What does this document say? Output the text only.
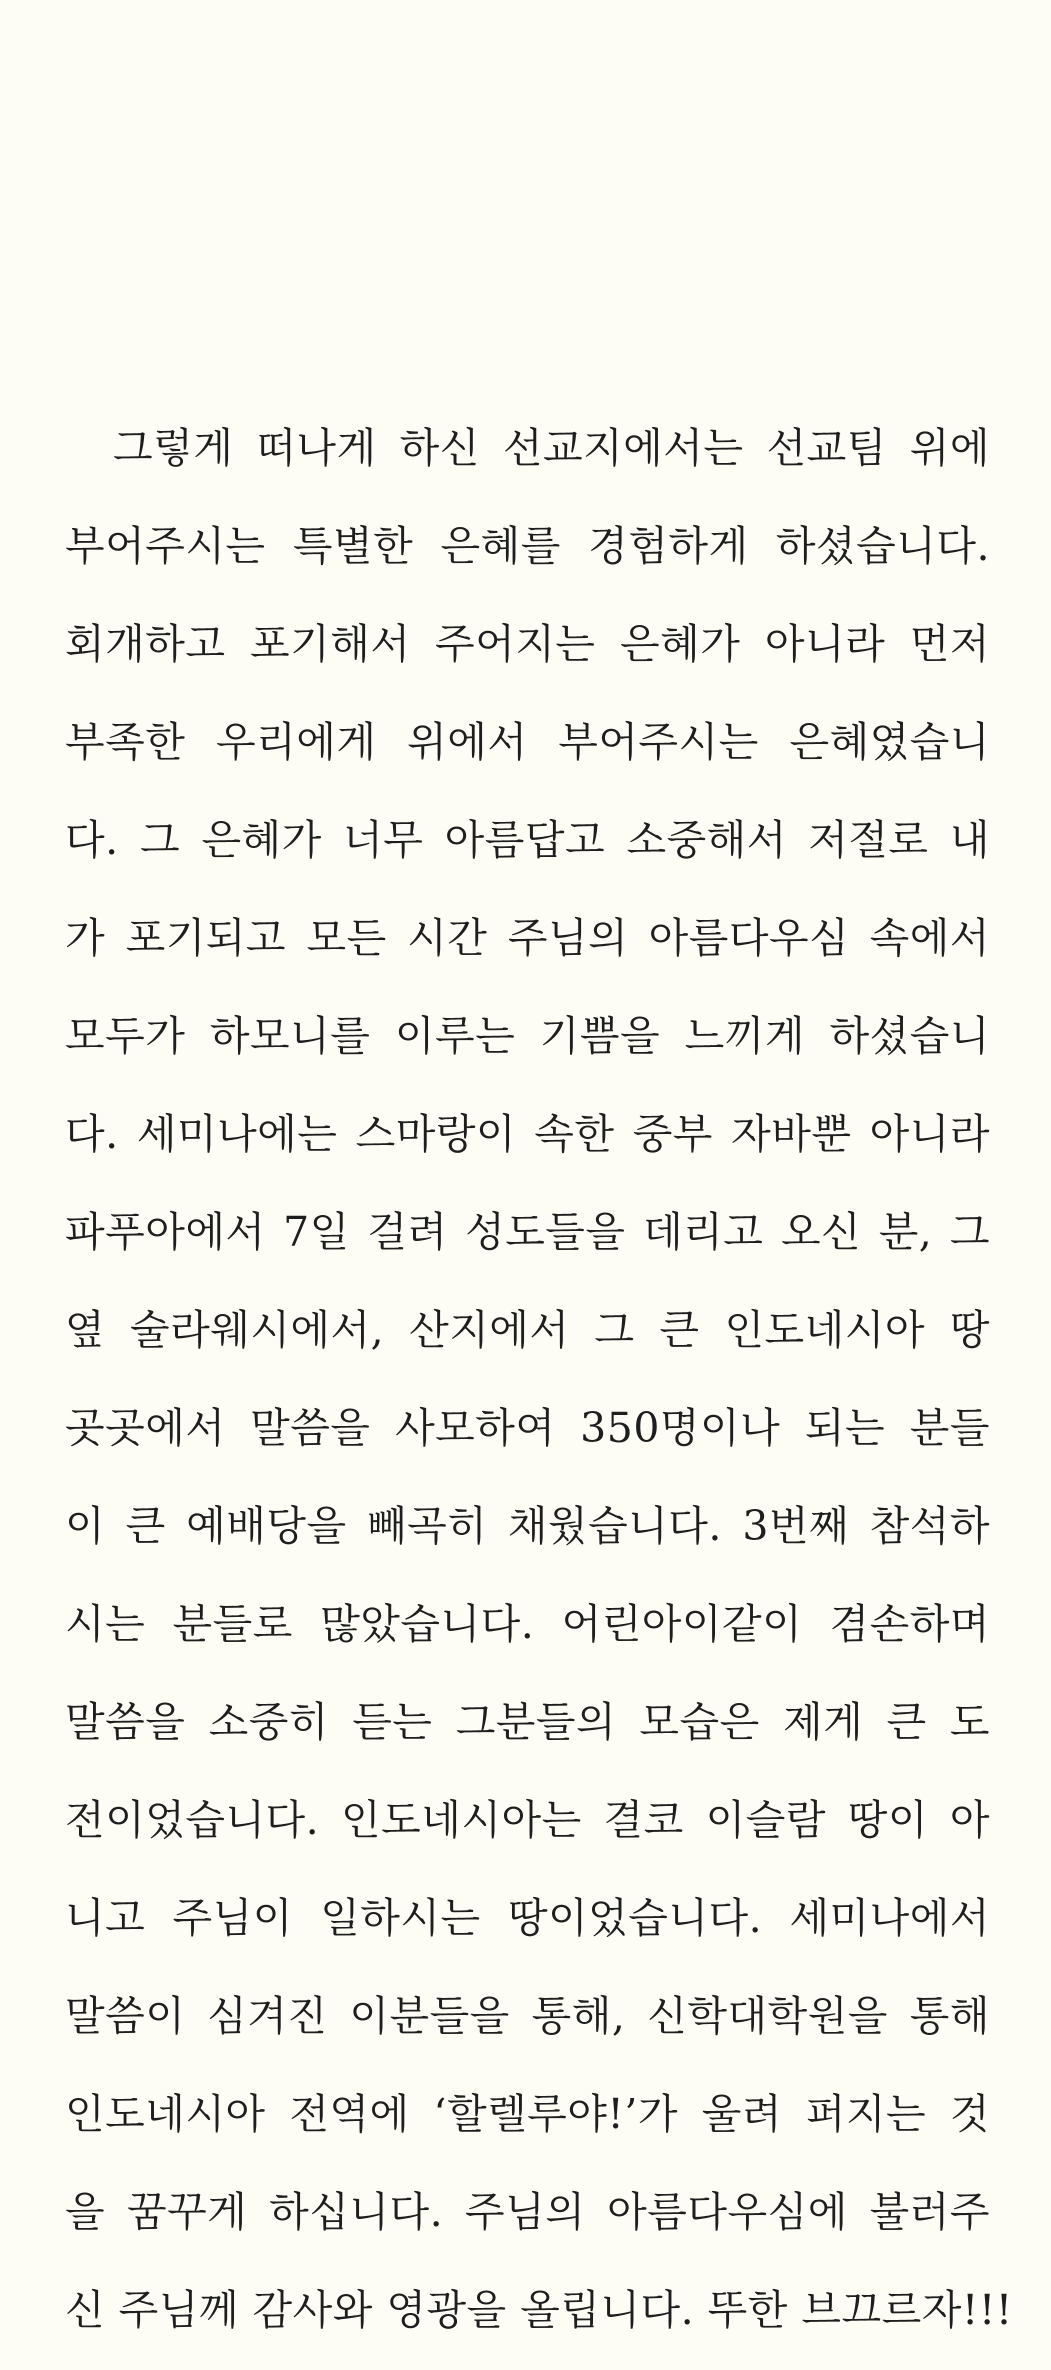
그렇게 떠나게 하신 선교지에서는 선교팀 위에
부어주시는 특별한 은혜를 경험하게 하셨습니다.
회개하고 포기해서 주어지는 은혜가 아니라 먼저
부족한 우리에게 위에서 부어주시는 은혜였습니
다. 그 은혜가 너무 아름답고 소중해서 저절로 내
가 포기되고 모든 시간 주님의 아름다우심 속에서
모두가 하모니를 이루는 기쁨을 느끼게 하셨습니
다. 세미나에는 스마랑이 속한 중부 자바뿐 아니라
파푸아에서 7일 걸려 성도들을 데리고 오신 분, 그
옆 술라웨시에서, 산지에서 그 큰 인도네시아 땅
곳곳에서 말씀을 사모하여 350명이나 되는 분들
이 큰 예배당을 빼곡히 채웠습니다. 3번째 참석하
시는 분들로 많았습니다. 어린아이같이 겸손하며
말씀을 소중히 듣는 그분들의 모습은 제게 큰 도
전이었습니다. 인도네시아는 결코 이슬람 땅이 아
니고 주님이 일하시는 땅이었습니다. 세미나에서
말씀이 심겨진 이분들을 통해, 신학대학원을 통해
인도네시아 전역에 ‘할렐루야!’가 울려 퍼지는 것
을 꿈꾸게 하십니다. 주님의 아름다우심에 불러주
신 주님께 감사와 영광을 올립니다. 뚜한 브끄르자!!!
